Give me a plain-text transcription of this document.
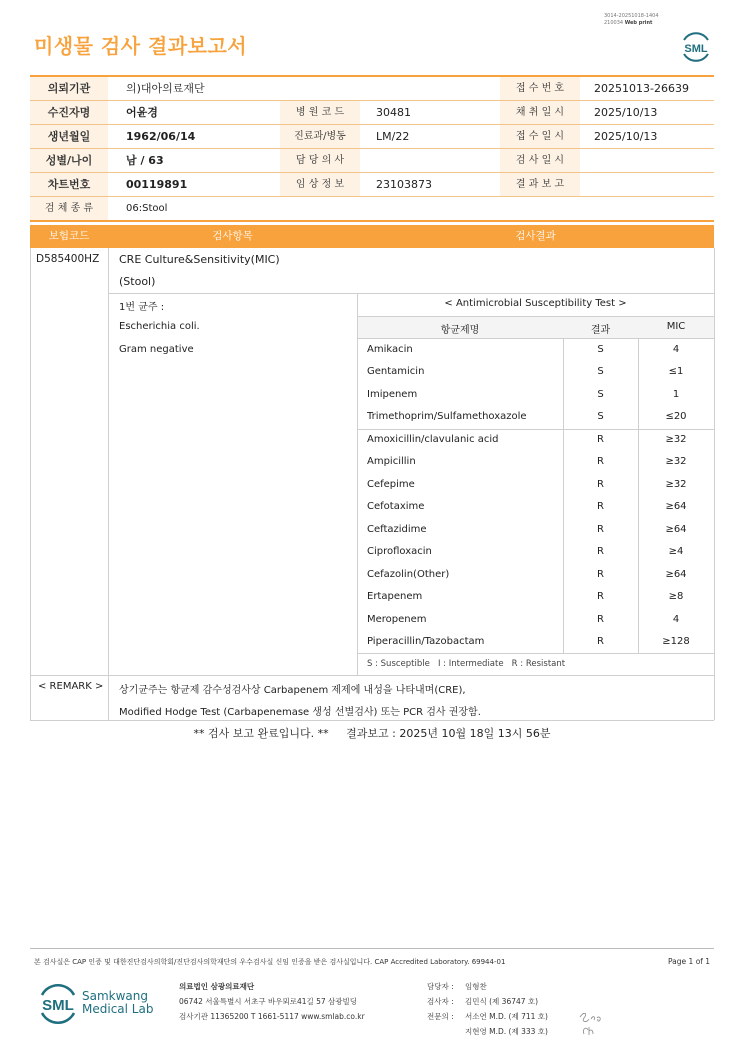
3014-20251018-1404
210034 Web print
미생물 검사 결과보고서	SML
의뢰기관	의)대아의료재단	접 수 번 호	20251013-26639
수진자명	어윤경	병 원 코 드	30481	채 취 일 시	2025/10/13
생년월일	1962/06/14	진료과/병동	LM/22	접 수 일 시	2025/10/13
성별/나이	남 / 63	담 당 의 사	검 사 일 시
차트번호	00119891	임 상 정 보	23103873	결 과 보 고
검 체 종 류	06:Stool
보험코드	검사항목	검사결과
D585400HZ CRE Culture&Sensitivity(MIC)
(Stool)
1번 균주 :
Escherichia coli.
Gram negative
< Antimicrobial Susceptibility Test >
항균제명	결과	MIC
Amikacin	S	4
Gentamicin	S	≤1
Imipenem	S	1
Trimethoprim/Sulfamethoxazole	S	≤20
Amoxicillin/clavulanic acid	R	≥32
Ampicillin	R	≥32
Cefepime	R	≥32
Cefotaxime	R	≥64
Ceftazidime	R	≥64
Ciprofloxacin	R	≥4
Cefazolin(Other)	R	≥64
Ertapenem	R	≥8
Meropenem	R	4
Piperacillin/Tazobactam	R	≥128
S : Susceptible   I : Intermediate   R : Resistant
< REMARK > 상기균주는 항균제 감수성검사상 Carbapenem 제제에 내성을 나타내며(CRE),
Modified Hodge Test (Carbapenemase 생성 선별검사) 또는 PCR 검사 권장함.
** 검사 보고 완료입니다. **     결과보고 : 2025년 10월 18일 13시 56분
본 검사실은 CAP 인증 및 대한진단검사의학회/진단검사의학재단의 우수검사실 신임 인증을 받은 검사실입니다. CAP Accredited Laboratory. 69944-01	Page 1 of 1
SML
Samkwang
Medical Lab
의료법인 삼광의료재단
06742 서울특별시 서초구 바우뫼로41길 57 삼광빌딩
검사기관 11365200 T 1661-5117 www.smlab.co.kr
담당자 : 임형찬
검사자 : 김민식 (제 36747 호)
전문의 : 서소연 M.D. (제 711 호)
지현영 M.D. (제 333 호)
